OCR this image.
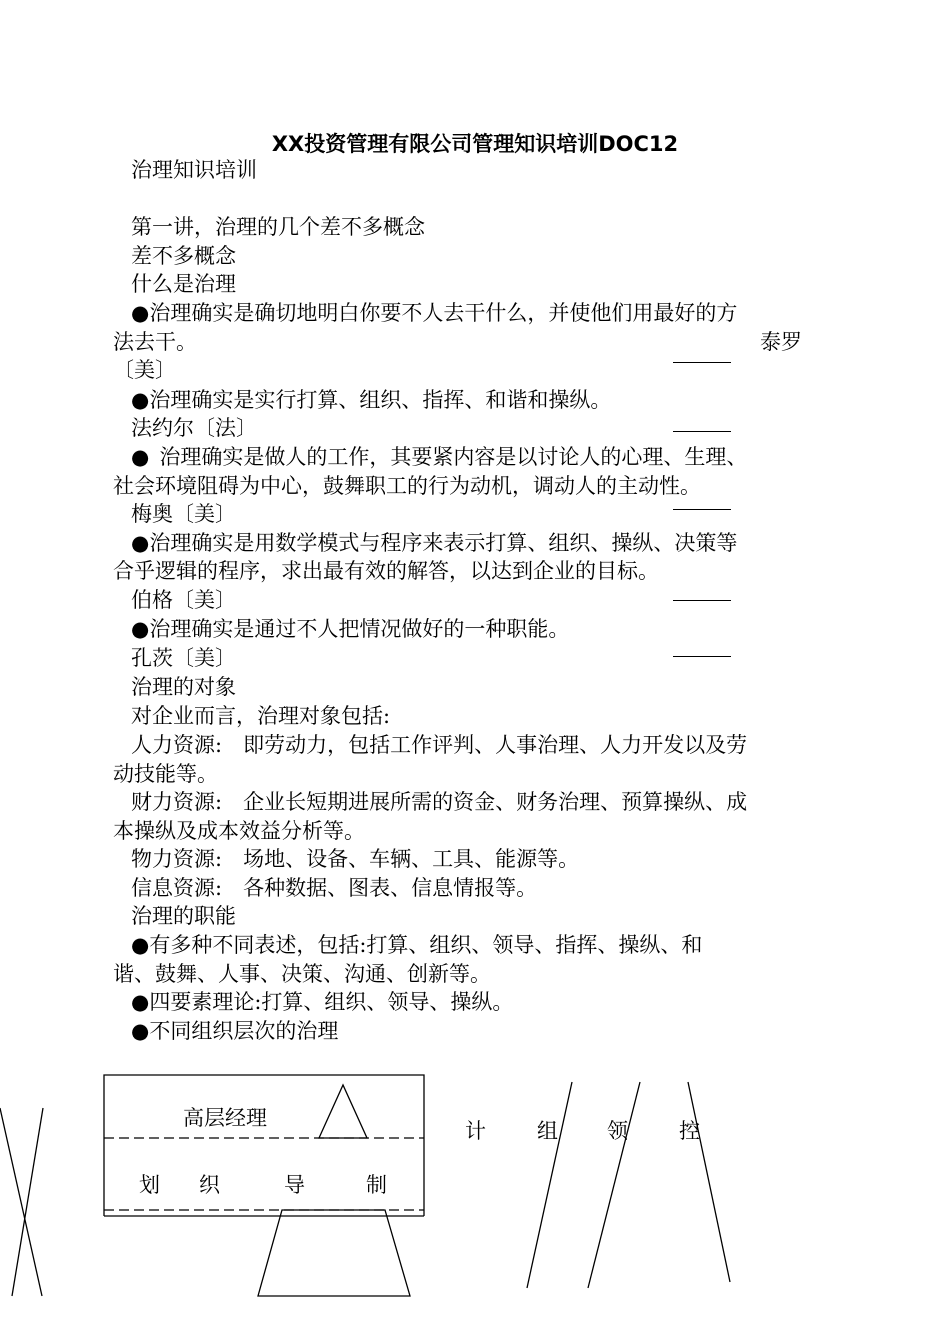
XX投资管理有限公司管理知识培训DOC12
治理知识培训
第一讲，治理的几个差不多概念
差不多概念
什么是治理
● 治理确实是确切地明白你要不人去干什么，并使他们用最好的方
法去干。	泰罗
〔美〕
● 治理确实是实行打算、组织、指挥、和谐和操纵。
法约尔〔法〕
● 治理确实是做人的工作，其要紧内容是以讨论人的心理、生理、
社会环境阻碍为中心，鼓舞职工的行为动机，调动人的主动性。
梅奥〔美〕
● 治理确实是用数学模式与程序来表示打算、组织、操纵、决策等
合乎逻辑的程序，求出最有效的解答，以达到企业的目标。
伯格〔美〕
● 治理确实是通过不人把情况做好的一种职能。
孔茨〔美〕
治理的对象
对企业而言，治理对象包括:
人力资源:　即劳动力，包括工作评判、人事治理、人力开发以及劳
动技能等。
财力资源:　企业长短期进展所需的资金、财务治理、预算操纵、成
本操纵及成本效益分析等。
物力资源:　场地、设备、车辆、工具、能源等。
信息资源:　各种数据、图表、信息情报等。
治理的职能
● 有多种不同表述，包括:打算、组织、领导、指挥、操纵、和
谐、鼓舞、人事、决策、沟通、创新等。
● 四要素理论:打算、组织、领导、操纵。
● 不同组织层次的治理
高层经理
划 织	导	制
计 组 领 控
